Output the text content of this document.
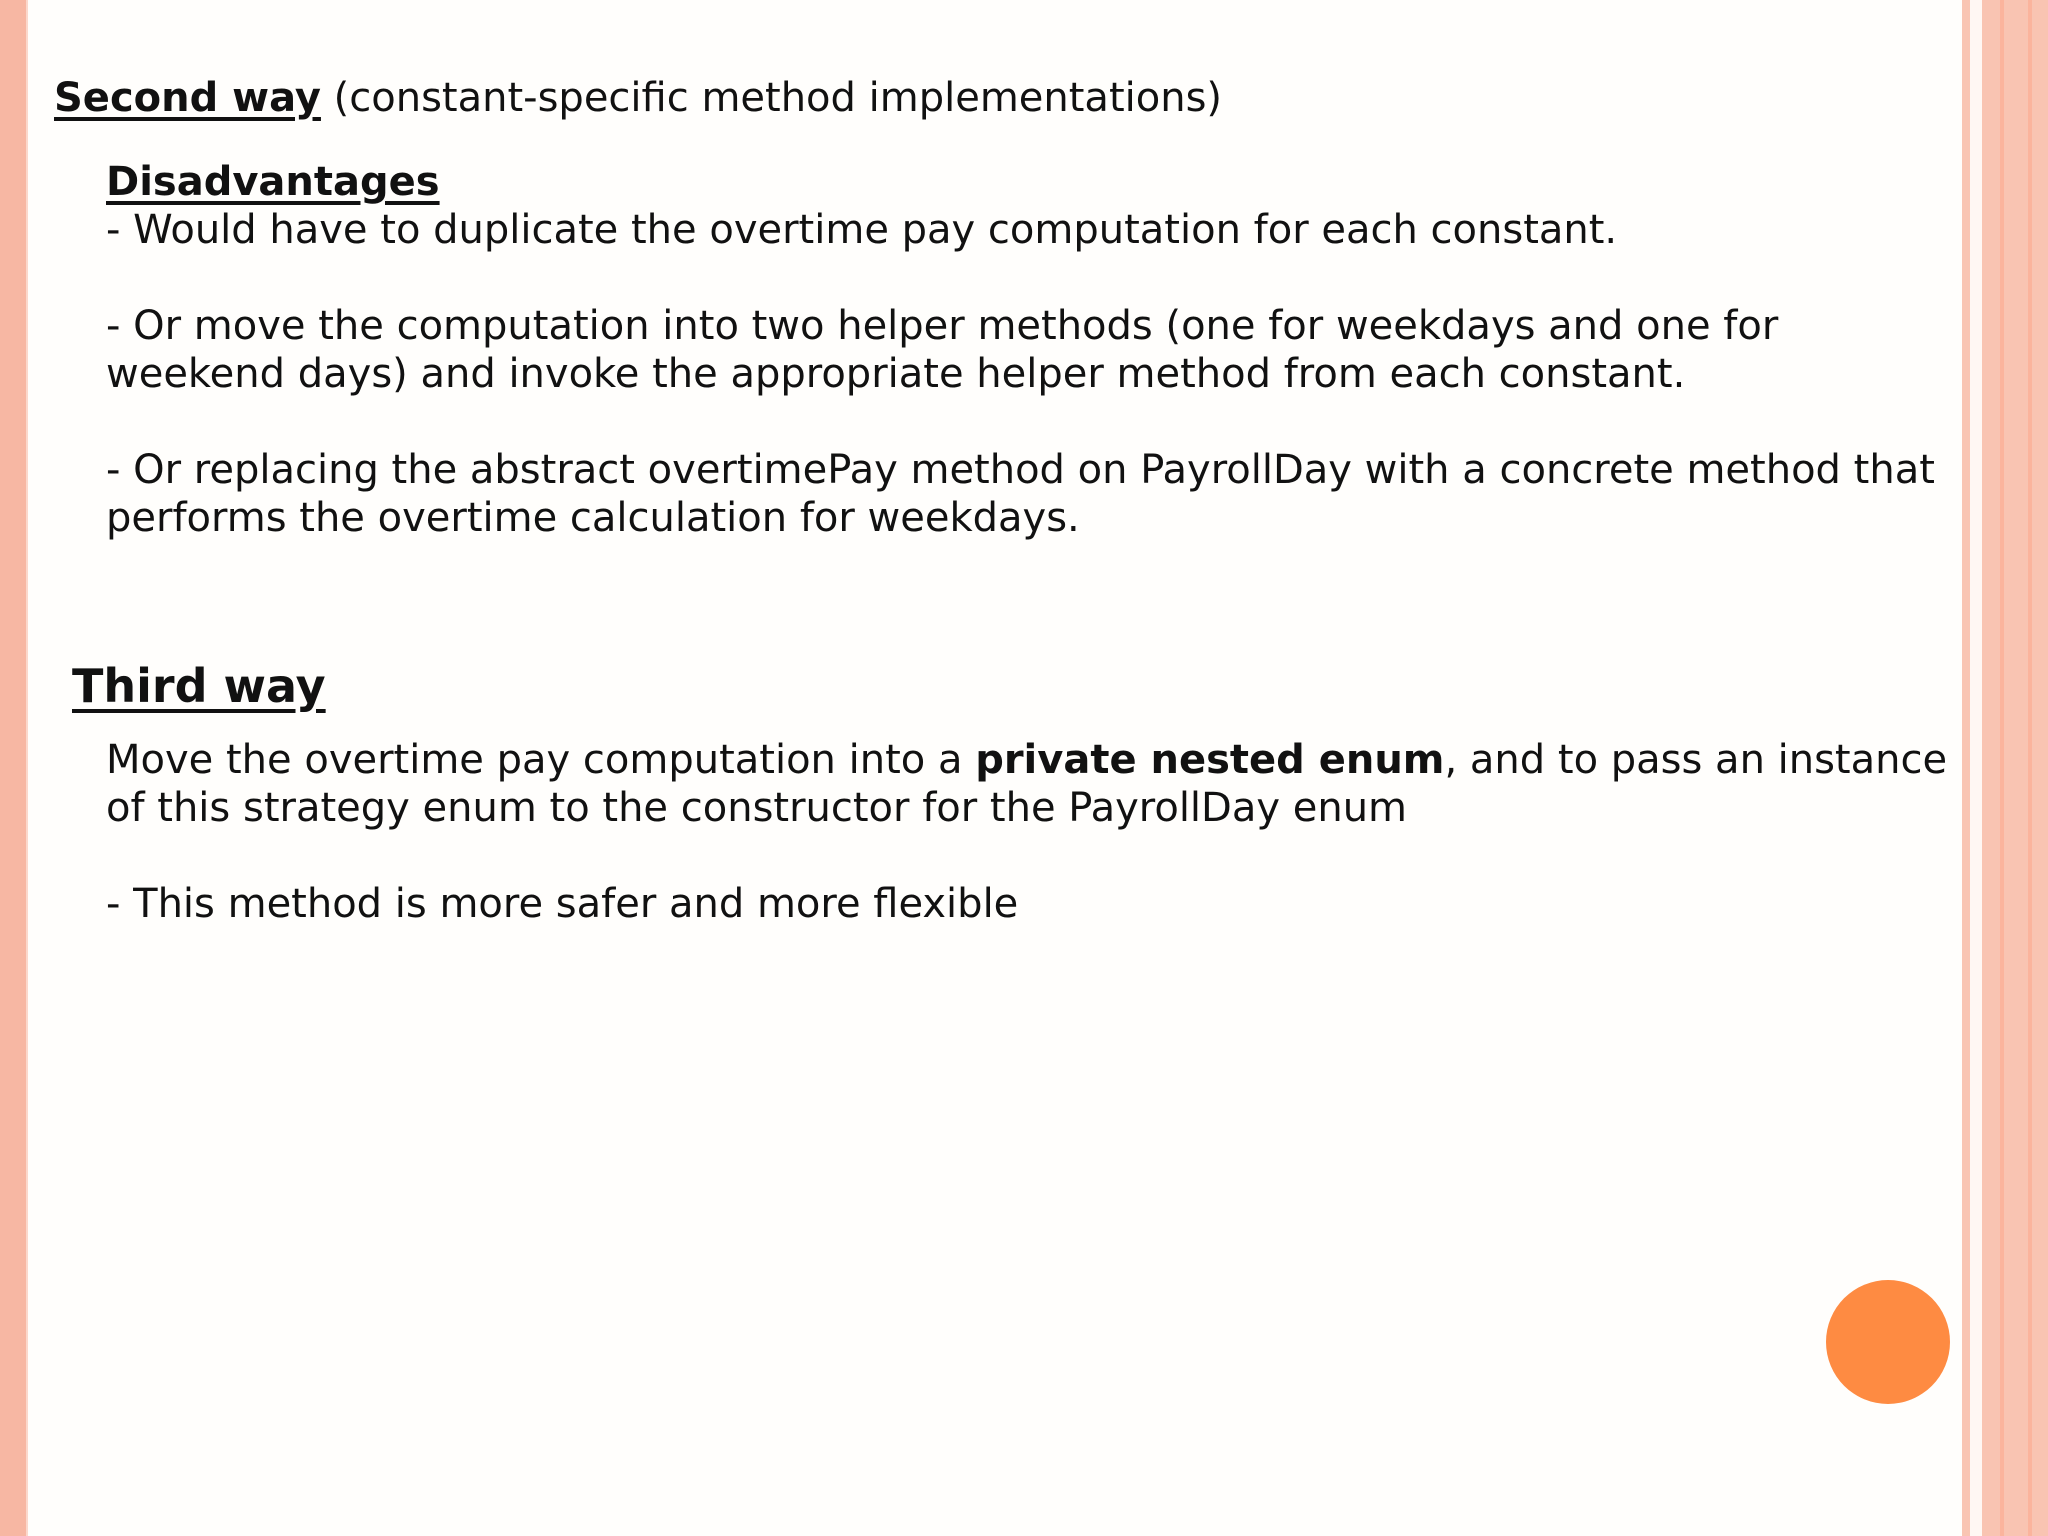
Second way (constant-specific method implementations)

Disadvantages

- Would have to duplicate the overtime pay computation for each constant.

- Or move the computation into two helper methods (one for weekdays and one for weekend days) and invoke the appropriate helper method from each constant.

- Or replacing the abstract overtimePay method on PayrollDay with a concrete method that performs the overtime calculation for weekdays.

Third way

Move the overtime pay computation into a private nested enum, and to pass an instance of this strategy enum to the constructor for the PayrollDay enum

- This method is more safer and more flexible
